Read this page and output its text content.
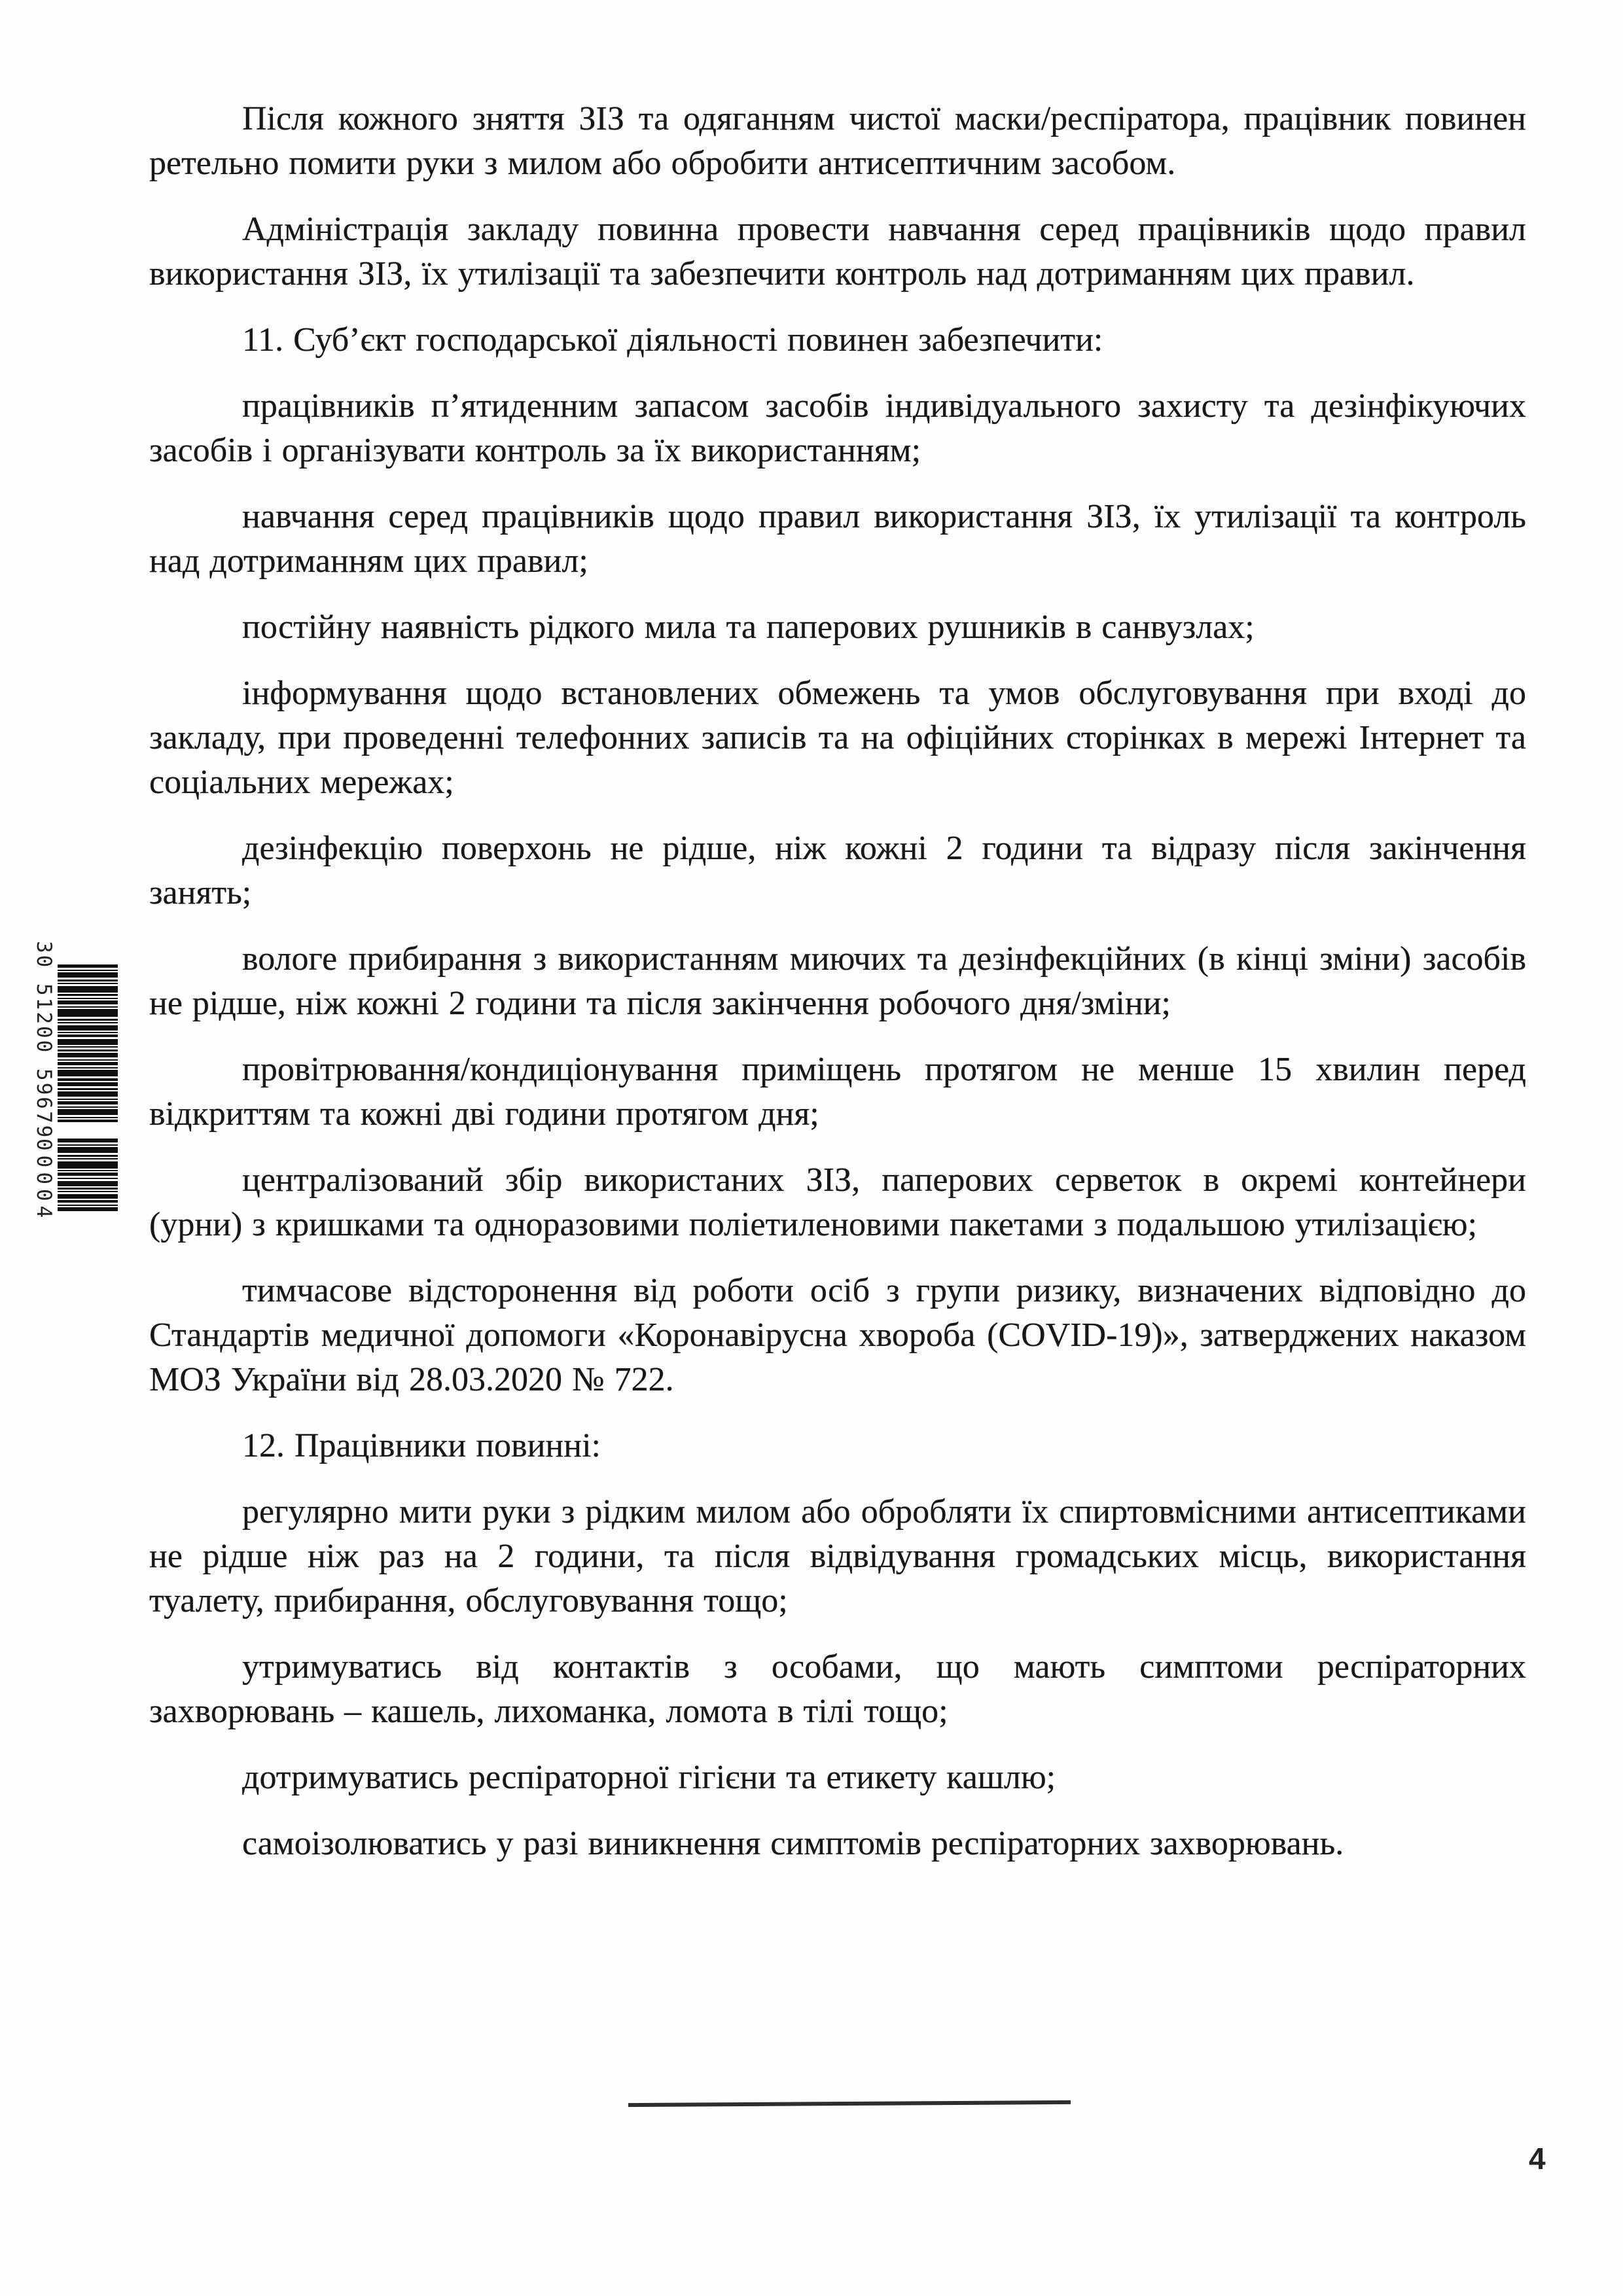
Після кожного зняття ЗІЗ та одяганням чистої маски/респіратора, працівник повинен ретельно помити руки з милом або обробити антисептичним засобом.

Адміністрація закладу повинна провести навчання серед працівників щодо правил використання ЗІЗ, їх утилізації та забезпечити контроль над дотриманням цих правил.

11. Суб’єкт господарської діяльності повинен забезпечити:

працівників п’ятиденним запасом засобів індивідуального захисту та дезінфікуючих засобів і організувати контроль за їх використанням;

навчання серед працівників щодо правил використання ЗІЗ, їх утилізації та контроль над дотриманням цих правил;

постійну наявність рідкого мила та паперових рушників в санвузлах;

інформування щодо встановлених обмежень та умов обслуговування при вході до закладу, при проведенні телефонних записів та на офіційних сторінках в мережі Інтернет та соціальних мережах;

дезінфекцію поверхонь не рідше, ніж кожні 2 години та відразу після закінчення занять;

вологе прибирання з використанням миючих та дезінфекційних (в кінці зміни) засобів не рідше, ніж кожні 2 години та після закінчення робочого дня/зміни;

провітрювання/кондиціонування приміщень протягом не менше 15 хвилин перед відкриттям та кожні дві години протягом дня;

централізований збір використаних ЗІЗ, паперових серветок в окремі контейнери (урни) з кришками та одноразовими поліетиленовими пакетами з подальшою утилізацією;

тимчасове відсторонення від роботи осіб з групи ризику, визначених відповідно до Стандартів медичної допомоги «Коронавірусна хвороба (COVID-19)», затверджених наказом МОЗ України від 28.03.2020 № 722.

12. Працівники повинні:

регулярно мити руки з рідким милом або обробляти їх спиртовмісними антисептиками не рідше ніж раз на 2 години, та після відвідування громадських місць, використання туалету, прибирання, обслуговування тощо;

утримуватись від контактів з особами, що мають симптоми респіраторних захворювань – кашель, лихоманка, ломота в тілі тощо;

дотримуватись респіраторної гігієни та етикету кашлю;

самоізолюватись у разі виникнення симптомів респіраторних захворювань.

30 51200 59679
00004
4
